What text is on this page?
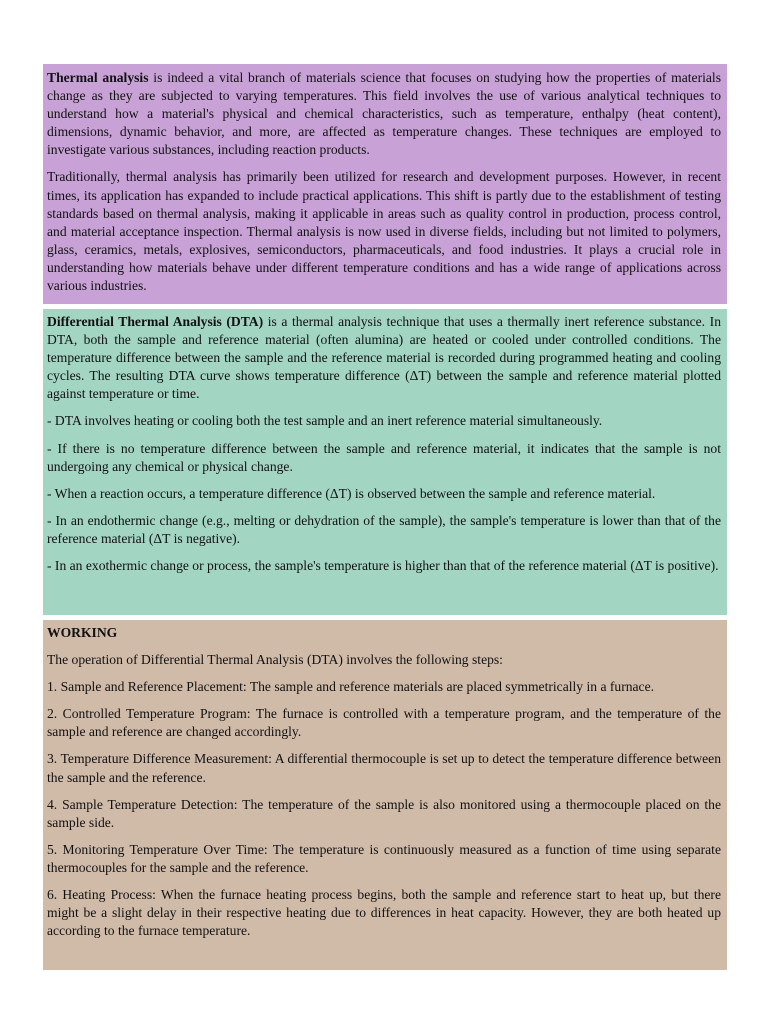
Thermal analysis is indeed a vital branch of materials science that focuses on studying how the properties of materials change as they are subjected to varying temperatures. This field involves the use of various analytical techniques to understand how a material's physical and chemical characteristics, such as temperature, enthalpy (heat content), dimensions, dynamic behavior, and more, are affected as temperature changes. These techniques are employed to investigate various substances, including reaction products.

Traditionally, thermal analysis has primarily been utilized for research and development purposes. However, in recent times, its application has expanded to include practical applications. This shift is partly due to the establishment of testing standards based on thermal analysis, making it applicable in areas such as quality control in production, process control, and material acceptance inspection. Thermal analysis is now used in diverse fields, including but not limited to polymers, glass, ceramics, metals, explosives, semiconductors, pharmaceuticals, and food industries. It plays a crucial role in understanding how materials behave under different temperature conditions and has a wide range of applications across various industries.

Differential Thermal Analysis (DTA) is a thermal analysis technique that uses a thermally inert reference substance. In DTA, both the sample and reference material (often alumina) are heated or cooled under controlled conditions. The temperature difference between the sample and the reference material is recorded during programmed heating and cooling cycles. The resulting DTA curve shows temperature difference (ΔT) between the sample and reference material plotted against temperature or time.

- DTA involves heating or cooling both the test sample and an inert reference material simultaneously.

- If there is no temperature difference between the sample and reference material, it indicates that the sample is not undergoing any chemical or physical change.

- When a reaction occurs, a temperature difference (ΔT) is observed between the sample and reference material.

- In an endothermic change (e.g., melting or dehydration of the sample), the sample's temperature is lower than that of the reference material (ΔT is negative).

- In an exothermic change or process, the sample's temperature is higher than that of the reference material (ΔT is positive).

WORKING

The operation of Differential Thermal Analysis (DTA) involves the following steps:

1. Sample and Reference Placement: The sample and reference materials are placed symmetrically in a furnace.

2. Controlled Temperature Program: The furnace is controlled with a temperature program, and the temperature of the sample and reference are changed accordingly.

3. Temperature Difference Measurement: A differential thermocouple is set up to detect the temperature difference between the sample and the reference.

4. Sample Temperature Detection: The temperature of the sample is also monitored using a thermocouple placed on the sample side.

5. Monitoring Temperature Over Time: The temperature is continuously measured as a function of time using separate thermocouples for the sample and the reference.

6. Heating Process: When the furnace heating process begins, both the sample and reference start to heat up, but there might be a slight delay in their respective heating due to differences in heat capacity. However, they are both heated up according to the furnace temperature.
